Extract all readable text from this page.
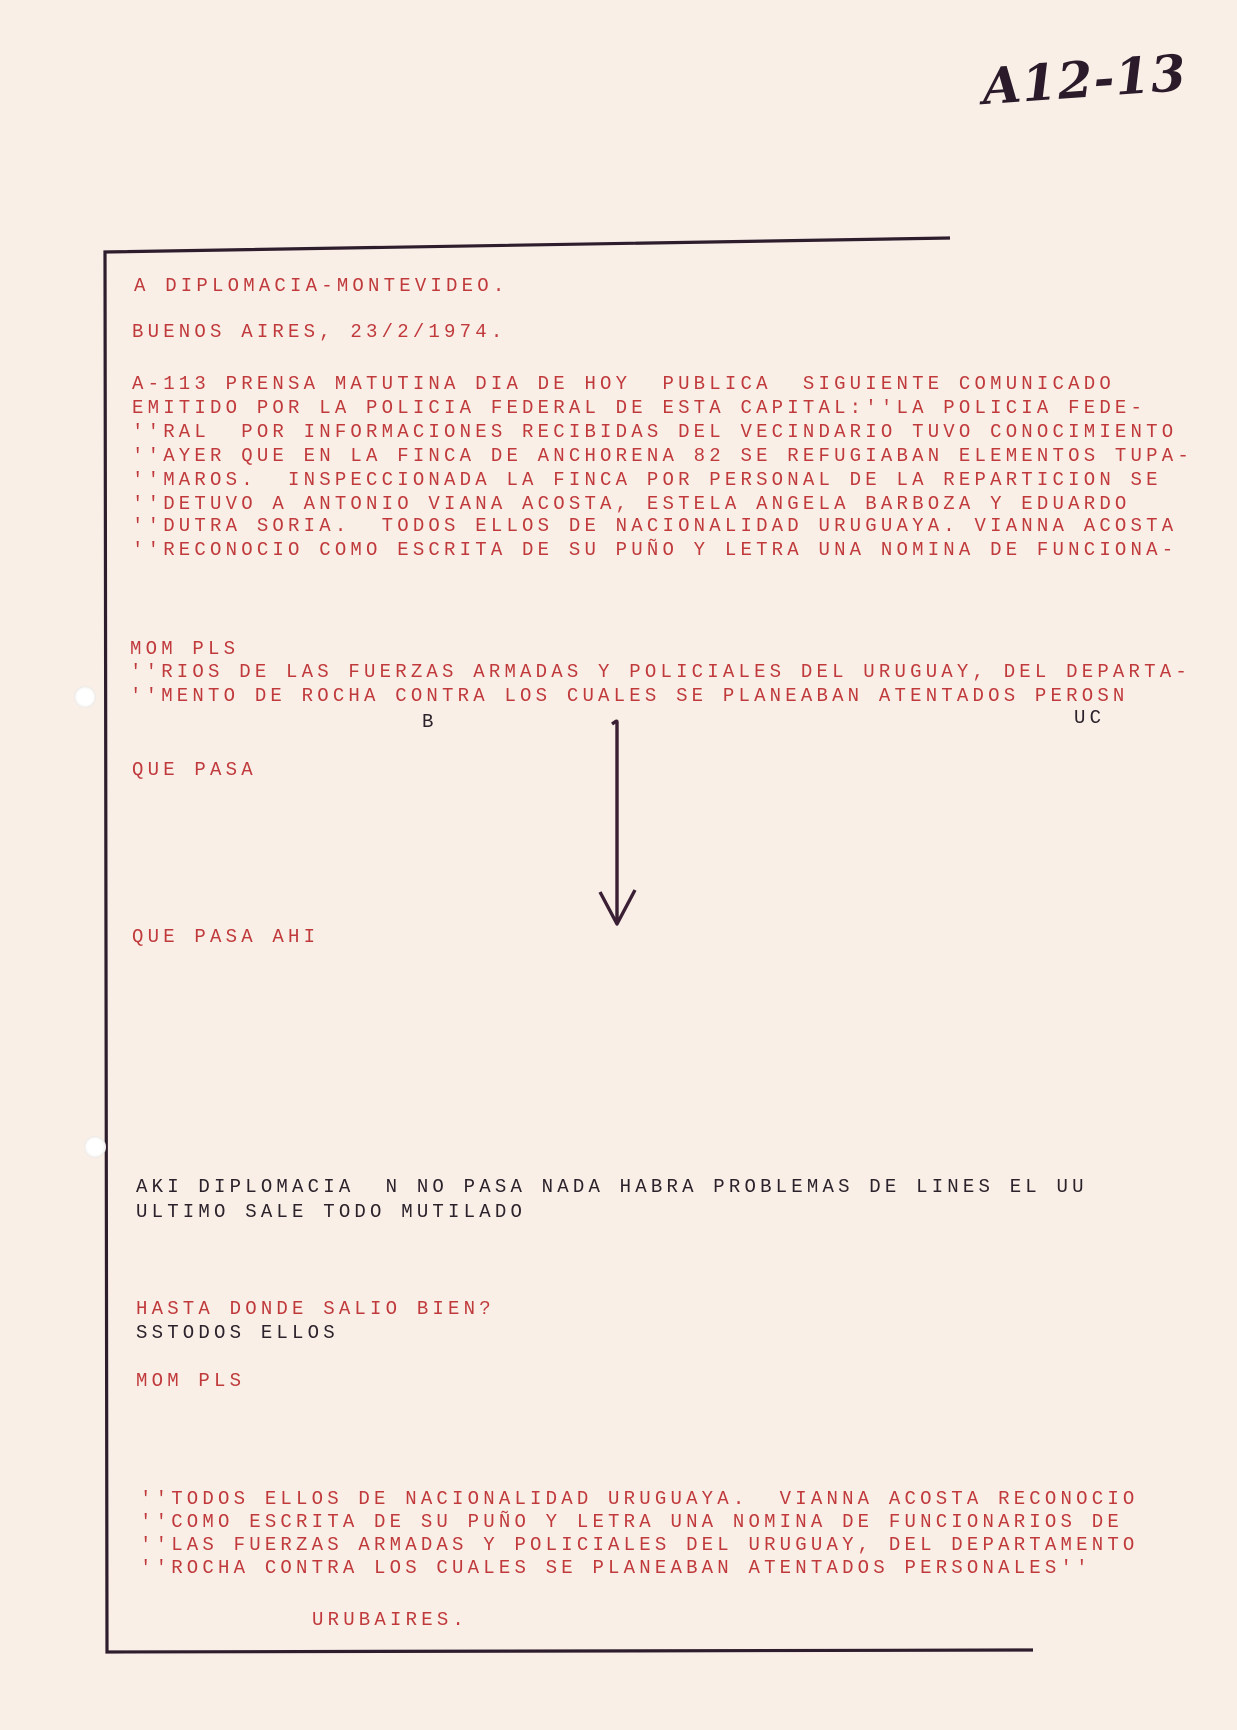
A12-13
A DIPLOMACIA-MONTEVIDEO.
BUENOS AIRES, 23/2/1974.
A-113 PRENSA MATUTINA DIA DE HOY  PUBLICA  SIGUIENTE COMUNICADO
EMITIDO POR LA POLICIA FEDERAL DE ESTA CAPITAL:''LA POLICIA FEDE-
''RAL  POR INFORMACIONES RECIBIDAS DEL VECINDARIO TUVO CONOCIMIENTO
''AYER QUE EN LA FINCA DE ANCHORENA 82 SE REFUGIABAN ELEMENTOS TUPA-
''MAROS.  INSPECCIONADA LA FINCA POR PERSONAL DE LA REPARTICION SE
''DETUVO A ANTONIO VIANA ACOSTA, ESTELA ANGELA BARBOZA Y EDUARDO
''DUTRA SORIA.  TODOS ELLOS DE NACIONALIDAD URUGUAYA. VIANNA ACOSTA
''RECONOCIO COMO ESCRITA DE SU PUÑO Y LETRA UNA NOMINA DE FUNCIONA-
MOM PLS
''RIOS DE LAS FUERZAS ARMADAS Y POLICIALES DEL URUGUAY, DEL DEPARTA-
''MENTO DE ROCHA CONTRA LOS CUALES SE PLANEABAN ATENTADOS PEROSN
B	UC
QUE PASA
QUE PASA AHI
AKI DIPLOMACIA  N NO PASA NADA HABRA PROBLEMAS DE LINES EL UU
ULTIMO SALE TODO MUTILADO
HASTA DONDE SALIO BIEN?
SSTODOS ELLOS
MOM PLS
''TODOS ELLOS DE NACIONALIDAD URUGUAYA.  VIANNA ACOSTA RECONOCIO
''COMO ESCRITA DE SU PUÑO Y LETRA UNA NOMINA DE FUNCIONARIOS DE
''LAS FUERZAS ARMADAS Y POLICIALES DEL URUGUAY, DEL DEPARTAMENTO
''ROCHA CONTRA LOS CUALES SE PLANEABAN ATENTADOS PERSONALES''
URUBAIRES.
